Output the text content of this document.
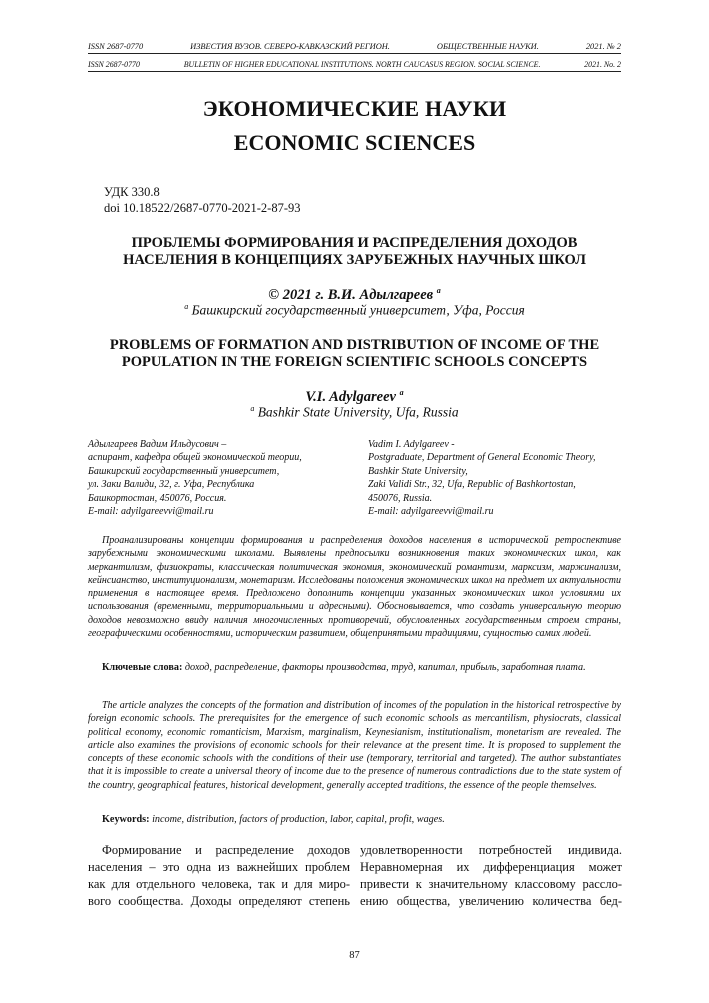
ISSN 2687-0770	ИЗВЕСТИЯ ВУЗОВ. СЕВЕРО-КАВКАЗСКИЙ РЕГИОН.	ОБЩЕСТВЕННЫЕ НАУКИ.	2021. № 2
ISSN 2687-0770	BULLETIN OF HIGHER EDUCATIONAL INSTITUTIONS. NORTH CAUCASUS REGION. SOCIAL SCIENCE.	2021. No. 2
ЭКОНОМИЧЕСКИЕ НАУКИ
ECONOMIC SCIENCES
УДК 330.8
doi 10.18522/2687-0770-2021-2-87-93
ПРОБЛЕМЫ ФОРМИРОВАНИЯ И РАСПРЕДЕЛЕНИЯ ДОХОДОВ
НАСЕЛЕНИЯ В КОНЦЕПЦИЯХ ЗАРУБЕЖНЫХ НАУЧНЫХ ШКОЛ
© 2021 г. В.И. Адылгареев $^а$
$^а$ Башкирский государственный университет, Уфа, Россия
PROBLEMS OF FORMATION AND DISTRIBUTION OF INCOME OF THE
POPULATION IN THE FOREIGN SCIENTIFIC SCHOOLS CONCEPTS
V.I. Adylgareev $^a$
$^a$ Bashkir State University, Ufa, Russia
Адылгареев Вадим Ильдусович –
аспирант, кафедра общей экономической теории,
Башкирский государственный университет,
ул. Заки Валиди, 32, г. Уфа, Республика
Башкортостан, 450076, Россия.
E-mail: adyilgareevvi@mail.ru
Vadim I. Adylgareev -
Postgraduate, Department of General Economic Theory,
Bashkir State University,
Zaki Validi Str., 32, Ufa, Republic of Bashkortostan,
450076, Russia.
E-mail: adyilgareevvi@mail.ru

Проанализированы концепции формирования и распределения доходов населения в исторической ретроспективе зарубежными экономическими школами. Выявлены предпосылки возникновения таких экономических школ, как меркантилизм, физиократы, классическая политическая экономия, экономический романтизм, марксизм, маржинализм, кейнсианство, институционализм, монетаризм. Исследованы положения экономических школ на предмет их актуальности применения в настоящее время. Предложено дополнить концепции указанных экономических школ условиями их использования (временными, территориальными и адресными). Обосновывается, что создать универсальную теорию доходов невозможно ввиду наличия многочисленных противоречий, обусловленных государственным строем страны, географическими особенностями, историческим развитием, общепринятыми традициями, сущностью самих людей.

Ключевые слова: доход, распределение, факторы производства, труд, капитал, прибыль, заработная плата.

The article analyzes the concepts of the formation and distribution of incomes of the population in the historical retrospective by foreign economic schools. The prerequisites for the emergence of such economic schools as mercantilism, physiocrats, classical political economy, economic romanticism, Marxism, marginalism, Keynesianism, institutionalism, monetarism are revealed. The article also examines the provisions of economic schools for their relevance at the present time. It is proposed to supplement the concepts of these economic schools with the conditions of their use (temporary, territorial and targeted). The author substantiates that it is impossible to create a universal theory of income due to the presence of numerous contradictions due to the state system of the country, geographical features, historical development, generally accepted traditions, the essence of the people themselves.

Keywords: income, distribution, factors of production, labor, capital, profit, wages.
Формирование и распределение доходов
населения – это одна из важнейших проблем
как для отдельного человека, так и для миро-
вого сообщества. Доходы определяют степень
удовлетворенности потребностей индивида.
Неравномерная их дифференциация может
привести к значительному классовому рассло-
ению общества, увеличению количества бед-
87
